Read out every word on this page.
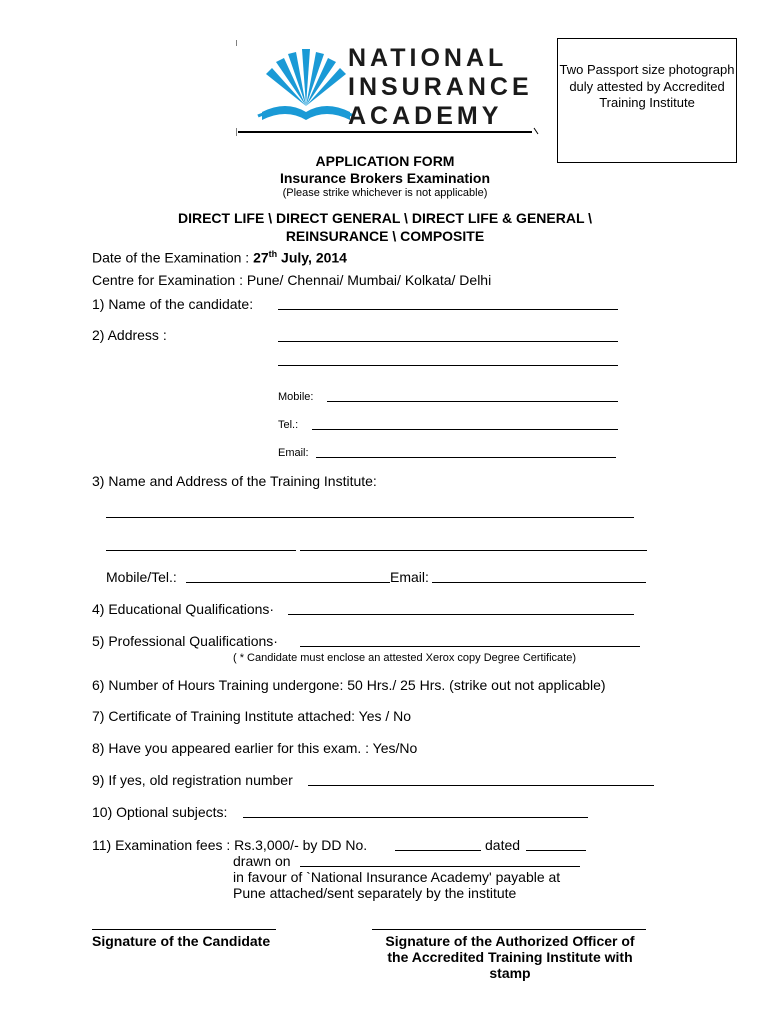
NATIONAL
INSURANCE
ACADEMY
Two Passport size photograph duly attested by Accredited Training Institute
APPLICATION FORM
Insurance Brokers Examination
(Please strike whichever is not applicable)
DIRECT LIFE \ DIRECT GENERAL \ DIRECT LIFE & GENERAL \
REINSURANCE \ COMPOSITE
Date of the Examination : 27th July, 2014
Centre for Examination : Pune/ Chennai/ Mumbai/ Kolkata/ Delhi
1) Name of the candidate:
2) Address :
Mobile:
Tel.:
Email:
3) Name and Address of the Training Institute:
Mobile/Tel.:	Email:
4) Educational Qualifications·
5) Professional Qualifications·
( * Candidate must enclose an attested Xerox copy Degree Certificate)
6) Number of Hours Training undergone: 50 Hrs./ 25 Hrs. (strike out not applicable)
7) Certificate of Training Institute attached: Yes / No
8) Have you appeared earlier for this exam. : Yes/No
9) If yes, old registration number
10) Optional subjects:
11) Examination fees : Rs.3,000/- by DD No.	dated
drawn on
in favour of `National Insurance Academy' payable at
Pune attached/sent separately by the institute
Signature of the Candidate	Signature of the Authorized Officer of
the Accredited Training Institute with
stamp
